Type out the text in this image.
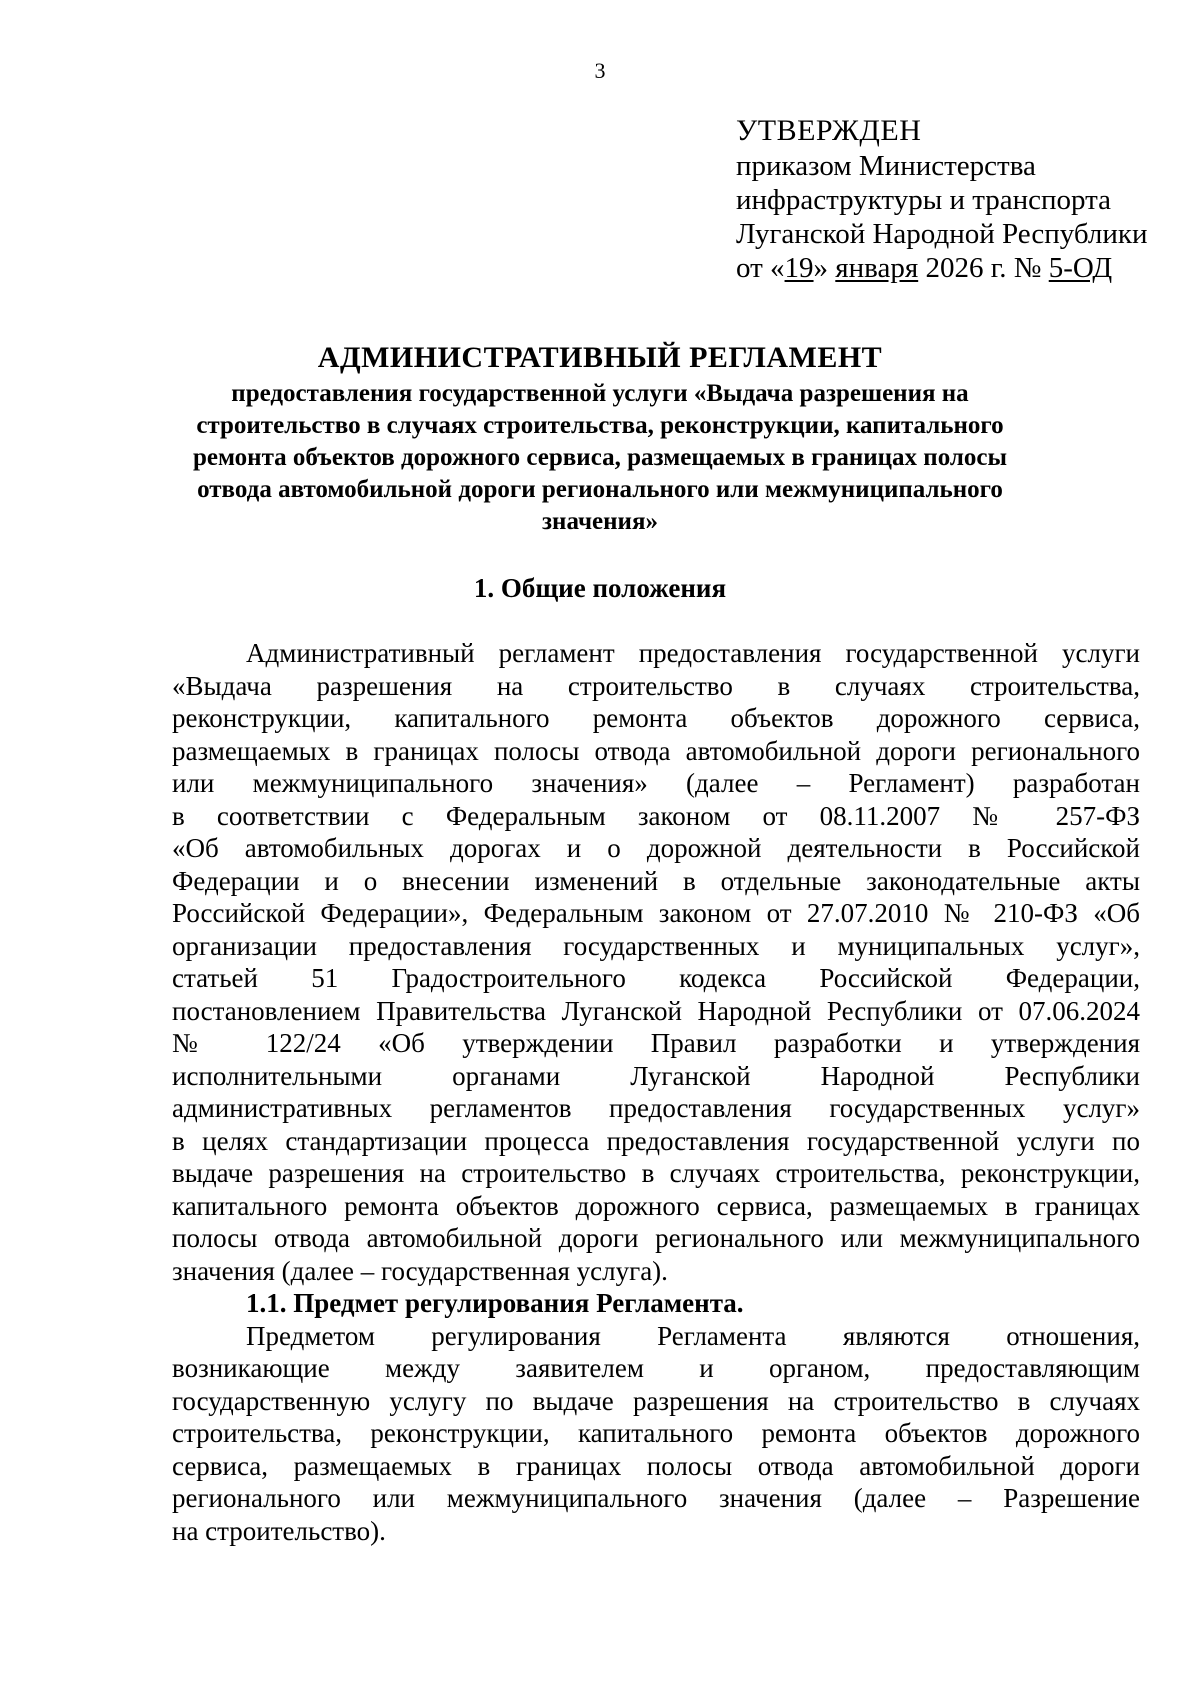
3
УТВЕРЖДЕН
приказом Министерства
инфраструктуры и транспорта
Луганской Народной Республики
от «19» января 2026 г. № 5-ОД
АДМИНИСТРАТИВНЫЙ РЕГЛАМЕНТ
предоставления государственной услуги «Выдача разрешения на
строительство в случаях строительства, реконструкции, капитального
ремонта объектов дорожного сервиса, размещаемых в границах полосы
отвода автомобильной дороги регионального или межмуниципального
значения»
1. Общие положения
Административный регламент предоставления государственной услуги
«Выдача разрешения на строительство в случаях строительства,
реконструкции, капитального ремонта объектов дорожного сервиса,
размещаемых в границах полосы отвода автомобильной дороги регионального
или межмуниципального значения» (далее – Регламент) разработан
в соответствии с Федеральным законом от 08.11.2007 № 257-ФЗ
«Об автомобильных дорогах и о дорожной деятельности в Российской
Федерации и о внесении изменений в отдельные законодательные акты
Российской Федерации», Федеральным законом от 27.07.2010 № 210-ФЗ «Об
организации предоставления государственных и муниципальных услуг»,
статьей 51 Градостроительного кодекса Российской Федерации,
постановлением Правительства Луганской Народной Республики от 07.06.2024
№ 122/24 «Об утверждении Правил разработки и утверждения
исполнительными органами Луганской Народной Республики
административных регламентов предоставления государственных услуг»
в целях стандартизации процесса предоставления государственной услуги по
выдаче разрешения на строительство в случаях строительства, реконструкции,
капитального ремонта объектов дорожного сервиса, размещаемых в границах
полосы отвода автомобильной дороги регионального или межмуниципального
значения (далее – государственная услуга).
1.1. Предмет регулирования Регламента.
Предметом регулирования Регламента являются отношения,
возникающие между заявителем и органом, предоставляющим
государственную услугу по выдаче разрешения на строительство в случаях
строительства, реконструкции, капитального ремонта объектов дорожного
сервиса, размещаемых в границах полосы отвода автомобильной дороги
регионального или межмуниципального значения (далее – Разрешение
на строительство).
